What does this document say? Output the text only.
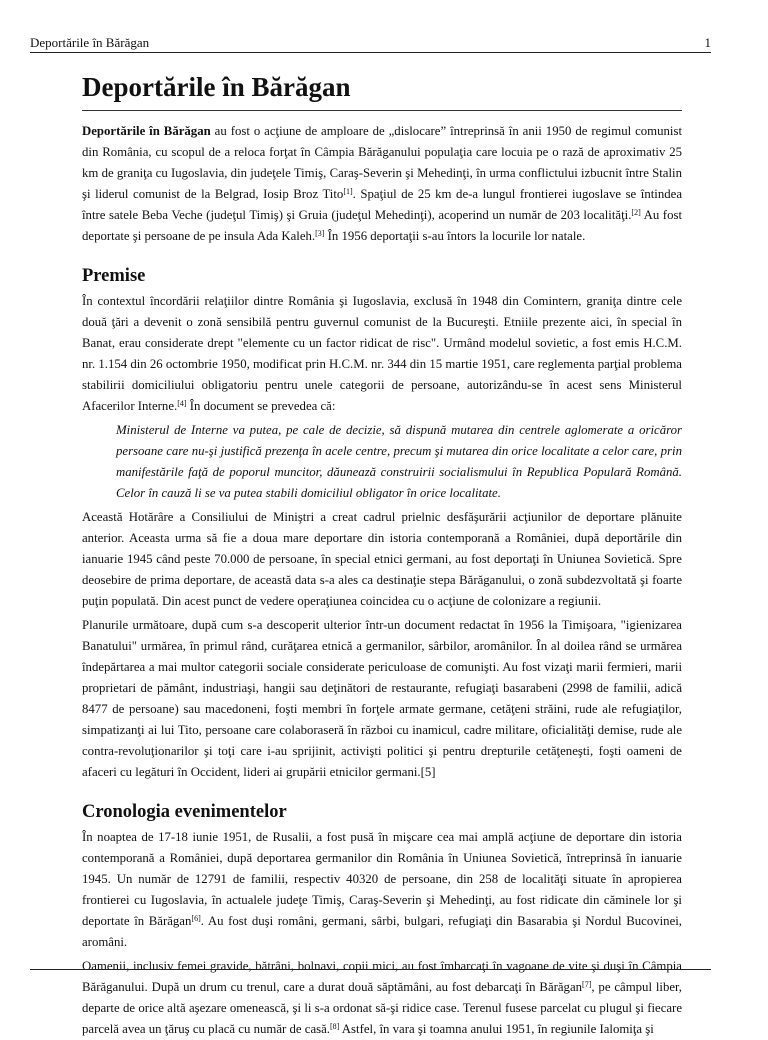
Deportările în Bărăgan	1
Deportările în Bărăgan

Deportările în Bărăgan au fost o acţiune de amploare de „dislocare” întreprinsă în anii 1950 de regimul comunist din România, cu scopul de a reloca forţat în Câmpia Bărăganului populaţia care locuia pe o rază de aproximativ 25 km de graniţa cu Iugoslavia, din judeţele Timiş, Caraş-Severin şi Mehedinţi, în urma conflictului izbucnit între Stalin şi liderul comunist de la Belgrad, Iosip Broz Tito[1]. Spaţiul de 25 km de-a lungul frontierei iugoslave se întindea între satele Beba Veche (judeţul Timiş) şi Gruia (judeţul Mehedinţi), acoperind un număr de 203 localităţi.[2] Au fost deportate şi persoane de pe insula Ada Kaleh.[3] În 1956 deportaţii s-au întors la locurile lor natale.

Premise

În contextul încordării relaţiilor dintre România şi Iugoslavia, exclusă în 1948 din Comintern, graniţa dintre cele două ţări a devenit o zonă sensibilă pentru guvernul comunist de la Bucureşti. Etniile prezente aici, în special în Banat, erau considerate drept "elemente cu un factor ridicat de risc". Urmând modelul sovietic, a fost emis H.C.M. nr. 1.154 din 26 octombrie 1950, modificat prin H.C.M. nr. 344 din 15 martie 1951, care reglementa parţial problema stabilirii domiciliului obligatoriu pentru unele categorii de persoane, autorizându-se în acest sens Ministerul Afacerilor Interne.[4] În document se prevedea că:

Ministerul de Interne va putea, pe cale de decizie, să dispună mutarea din centrele aglomerate a oricăror persoane care nu-şi justifică prezenţa în acele centre, precum şi mutarea din orice localitate a celor care, prin manifestările faţă de poporul muncitor, dăunează construirii socialismului în Republica Populară Română. Celor în cauză li se va putea stabili domiciliul obligator în orice localitate.

Această Hotărâre a Consiliului de Miniştri a creat cadrul prielnic desfăşurării acţiunilor de deportare plănuite anterior. Aceasta urma să fie a doua mare deportare din istoria contemporană a României, după deportările din ianuarie 1945 când peste 70.000 de persoane, în special etnici germani, au fost deportaţi în Uniunea Sovietică. Spre deosebire de prima deportare, de această data s-a ales ca destinaţie stepa Bărăganului, o zonă subdezvoltată şi foarte puţin populată. Din acest punct de vedere operaţiunea coincidea cu o acţiune de colonizare a regiunii.

Planurile următoare, după cum s-a descoperit ulterior într-un document redactat în 1956 la Timişoara, "igienizarea Banatului" urmărea, în primul rând, curăţarea etnică a germanilor, sârbilor, aromânilor. În al doilea rând se urmărea îndepărtarea a mai multor categorii sociale considerate periculoase de comunişti. Au fost vizaţi marii fermieri, marii proprietari de pământ, industriaşi, hangii sau deţinători de restaurante, refugiaţi basarabeni (2998 de familii, adică 8477 de persoane) sau macedoneni, foşti membri în forţele armate germane, cetăţeni străini, rude ale refugiaţilor, simpatizanţi ai lui Tito, persoane care colaboraseră în război cu inamicul, cadre militare, oficialităţi demise, rude ale contra-revoluţionarilor şi toţi care i-au sprijinit, activişti politici şi pentru drepturile cetăţeneşti, foşti oameni de afaceri cu legături în Occident, lideri ai grupării etnicilor germani.[5]

Cronologia evenimentelor

În noaptea de 17-18 iunie 1951, de Rusalii, a fost pusă în mişcare cea mai amplă acţiune de deportare din istoria contemporană a României, după deportarea germanilor din România în Uniunea Sovietică, întreprinsă în ianuarie 1945. Un număr de 12791 de familii, respectiv 40320 de persoane, din 258 de localităţi situate în apropierea frontierei cu Iugoslavia, în actualele judeţe Timiş, Caraş-Severin şi Mehedinţi, au fost ridicate din căminele lor şi deportate în Bărăgan[6]. Au fost duşi români, germani, sârbi, bulgari, refugiaţi din Basarabia şi Nordul Bucovinei, aromâni.

Oamenii, inclusiv femei gravide, bătrâni, bolnavi, copii mici, au fost îmbarcaţi în vagoane de vite şi duşi în Câmpia Bărăganului. După un drum cu trenul, care a durat două săptămâni, au fost debarcaţi în Bărăgan[7], pe câmpul liber, departe de orice altă aşezare omenească, şi li s-a ordonat să-şi ridice case. Terenul fusese parcelat cu plugul şi fiecare parcelă avea un ţăruş cu placă cu număr de casă.[8] Astfel, în vara şi toamna anului 1951, în regiunile Ialomiţa şi
